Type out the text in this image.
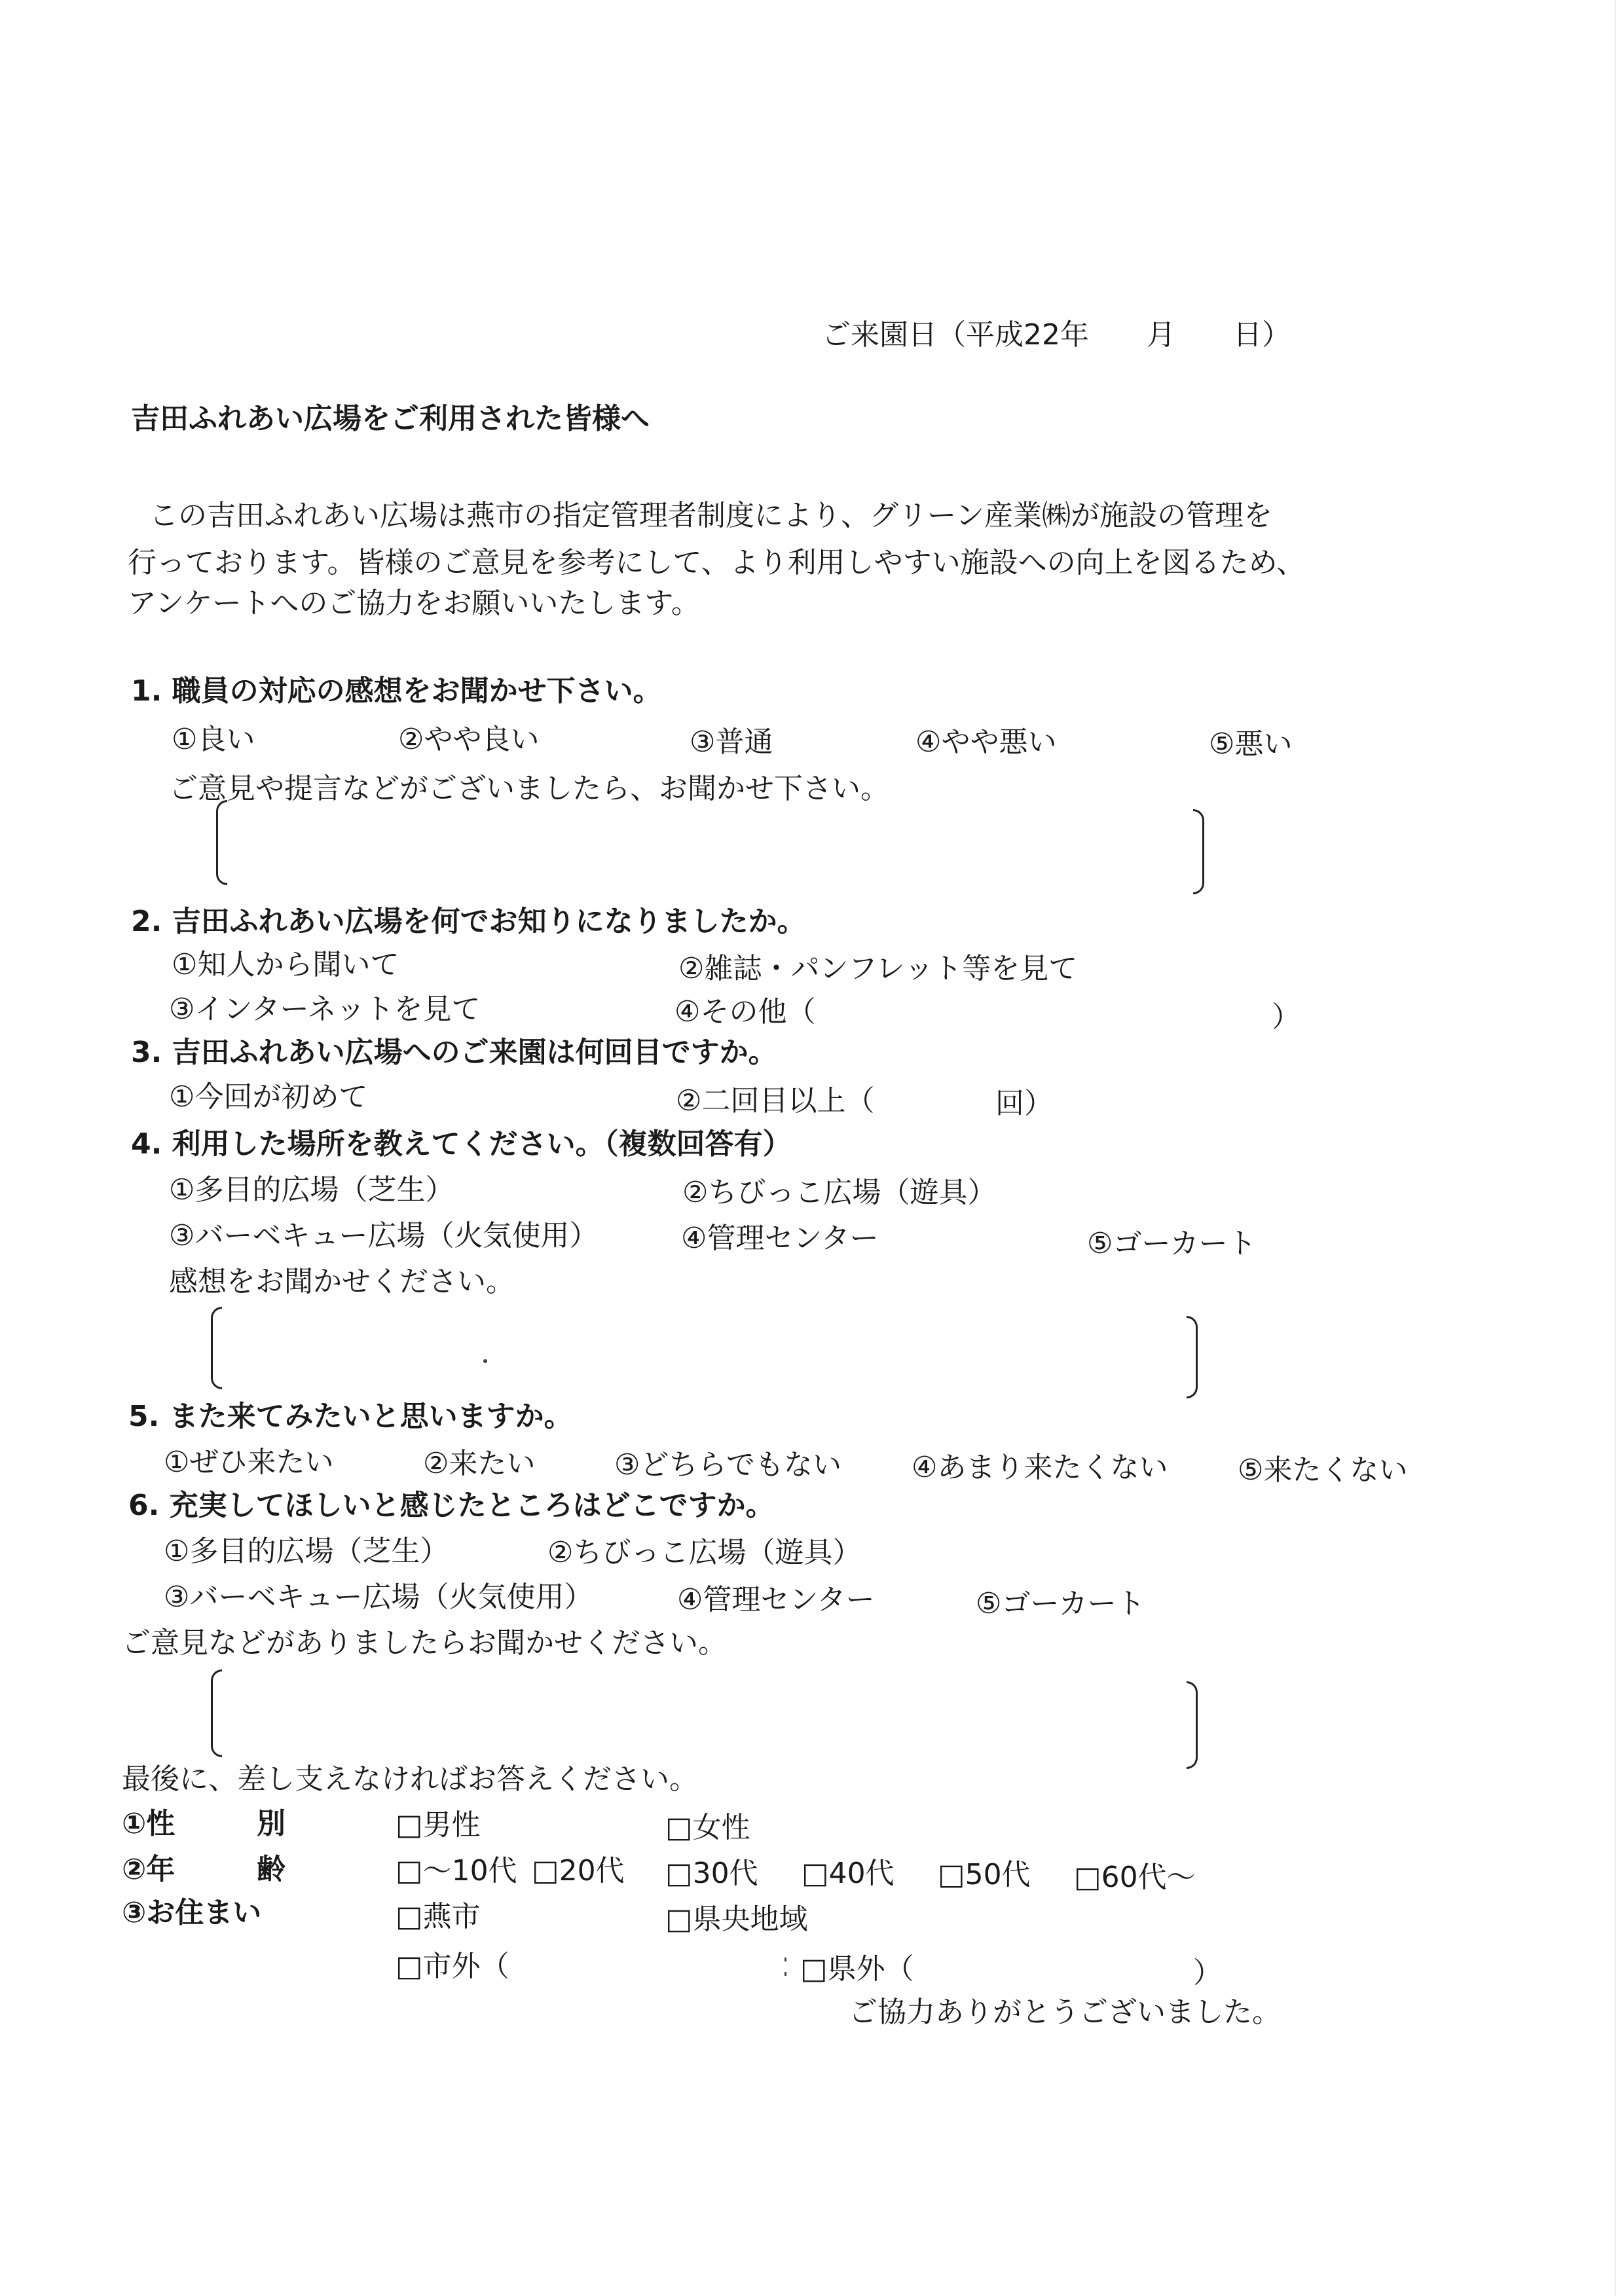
ご来園日（平成22年　　月　　日）
吉田ふれあい広場をご利用された皆様へ
この吉田ふれあい広場は燕市の指定管理者制度により、グリーン産業㈱が施設の管理を
行っております。皆様のご意見を参考にして、より利用しやすい施設への向上を図るため、
アンケートへのご協力をお願いいたします。
1. 職員の対応の感想をお聞かせ下さい。
①良い	②やや良い	③普通	④やや悪い	⑤悪い
ご意見や提言などがございましたら、お聞かせ下さい。
2. 吉田ふれあい広場を何でお知りになりましたか。
①知人から聞いて	②雑誌・パンフレット等を見て
③インターネットを見て	④その他（	）
3. 吉田ふれあい広場へのご来園は何回目ですか。
①今回が初めて	②二回目以上（	回）
4. 利用した場所を教えてください。（複数回答有）
①多目的広場（芝生）	②ちびっこ広場（遊具）
③バーベキュー広場（火気使用）	④管理センター	⑤ゴーカート
感想をお聞かせください。
5. また来てみたいと思いますか。
①ぜひ来たい	②来たい	③どちらでもない ④あまり来たくない ⑤来たくない
6. 充実してほしいと感じたところはどこですか。
①多目的広場（芝生）	②ちびっこ広場（遊具）
③バーベキュー広場（火気使用）	④管理センター	⑤ゴーカート
ご意見などがありましたらお聞かせください。
最後に、差し支えなければお答えください。
①性	別	□男性	□女性
②年	齢	□～10代 □20代 □30代 □40代 □50代 □60代～
③お住まい	□燕市	□県央地域
□市外（	□県外（	）
ご協力ありがとうございました。
